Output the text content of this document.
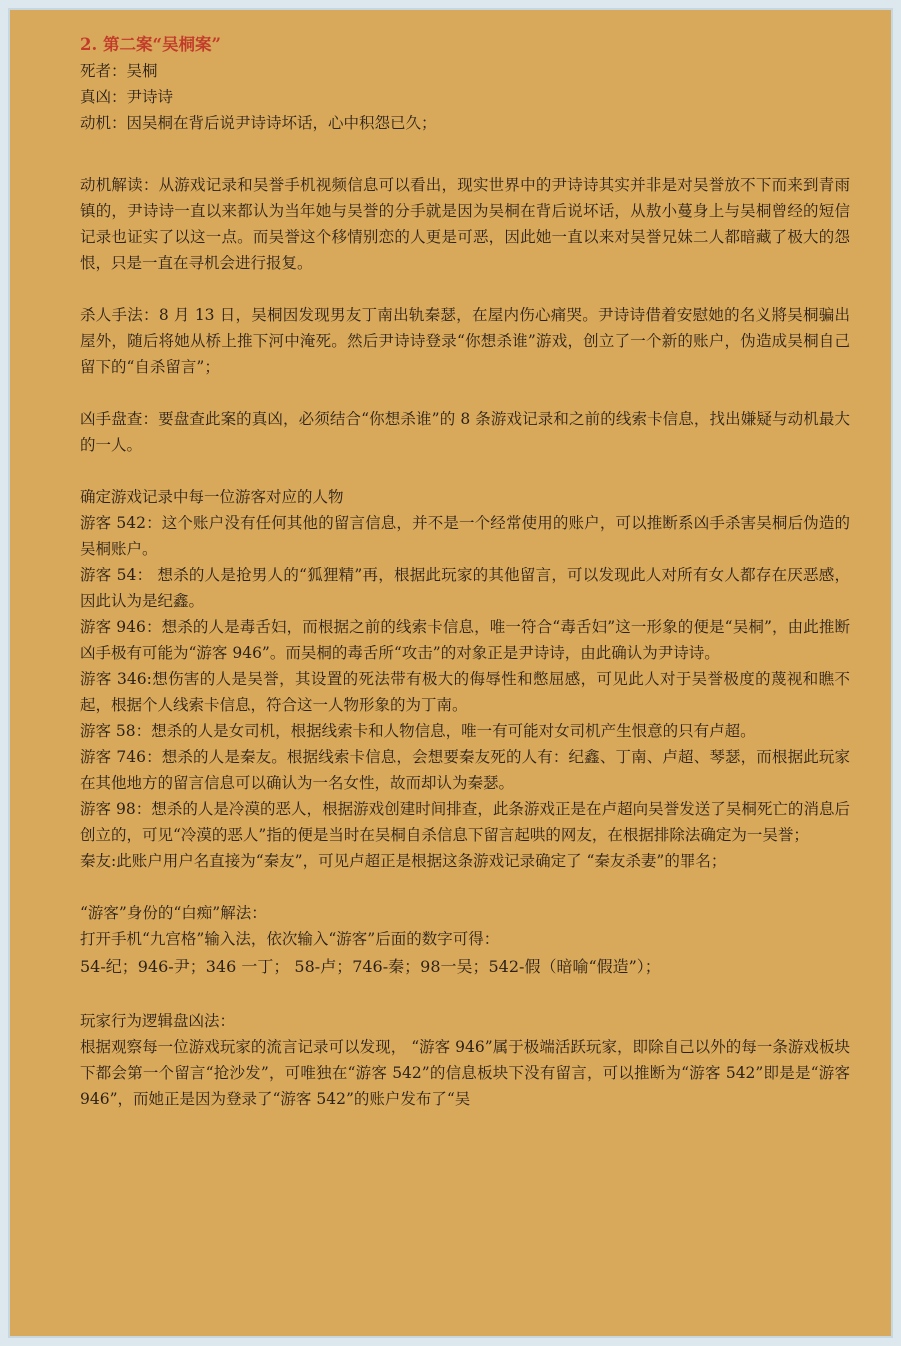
2. 第二案“吴桐案”
死者：吴桐
真凶：尹诗诗
动机：因吴桐在背后说尹诗诗坏话，心中积怨已久；
动机解读：从游戏记录和吴誉手机视频信息可以看出，现实世界中的尹诗诗其实并非是对吴誉放不下而来到青雨镇的，尹诗诗一直以来都认为当年她与吴誉的分手就是因为吴桐在背后说坏话，从敖小蔓身上与吴桐曾经的短信记录也证实了以这一点。而吴誉这个移情别恋的人更是可恶，因此她一直以来对吴誉兄妹二人都暗藏了极大的怨恨，只是一直在寻机会进行报复。
杀人手法：8 月 13 日，吴桐因发现男友丁南出轨秦瑟，在屋内伤心痛哭。尹诗诗借着安慰她的名义將吴桐骗出屋外，随后将她从桥上推下河中淹死。然后尹诗诗登录“你想杀谁”游戏，创立了一个新的账户，伪造成吴桐自己留下的“自杀留言”；
凶手盘查：要盘查此案的真凶，必须结合“你想杀谁”的 8 条游戏记录和之前的线索卡信息，找出嫌疑与动机最大的一人。
确定游戏记录中每一位游客对应的人物
游客 542：这个账户没有任何其他的留言信息，并不是一个经常使用的账户，可以推断系凶手杀害吴桐后伪造的吴桐账户。
游客 54： 想杀的人是抢男人的“狐狸精”再，根据此玩家的其他留言，可以发现此人对所有女人都存在厌恶感，因此认为是纪鑫。
游客 946：想杀的人是毒舌妇，而根据之前的线索卡信息，唯一符合“毒舌妇”这一形象的便是“吴桐”，由此推断凶手极有可能为“游客 946”。而吴桐的毒舌所“攻击”的对象正是尹诗诗，由此确认为尹诗诗。
游客 346:想伤害的人是吴誉，其设置的死法带有极大的侮辱性和憋屈感，可见此人对于吴誉极度的蔑视和瞧不起，根据个人线索卡信息，符合这一人物形象的为丁南。
游客 58：想杀的人是女司机，根据线索卡和人物信息，唯一有可能对女司机产生恨意的只有卢超。
游客 746：想杀的人是秦友。根据线索卡信息，会想要秦友死的人有：纪鑫、丁南、卢超、琴瑟，而根据此玩家在其他地方的留言信息可以确认为一名女性，故而却认为秦瑟。
游客 98：想杀的人是冷漠的恶人，根据游戏创建时间排查，此条游戏正是在卢超向吴誉发送了吴桐死亡的消息后创立的，可见“冷漠的恶人”指的便是当时在吴桐自杀信息下留言起哄的网友，在根据排除法确定为一吴誉；
秦友:此账户用户名直接为“秦友”，可见卢超正是根据这条游戏记录确定了 “秦友杀妻”的罪名；
“游客”身份的“白痴”解法：
打开手机“九宫格”输入法，依次输入“游客”后面的数字可得：
54-纪；946-尹；346 一丁； 58-卢；746-秦；98一吴；542-假（暗喻“假造”）；
玩家行为逻辑盘凶法：
根据观察每一位游戏玩家的流言记录可以发现， “游客 946”属于极端活跃玩家，即除自己以外的每一条游戏板块下都会第一个留言“抢沙发”，可唯独在“游客 542”的信息板块下没有留言，可以推断为“游客 542”即是是“游客 946”，而她正是因为登录了“游客 542”的账户发布了“吴
